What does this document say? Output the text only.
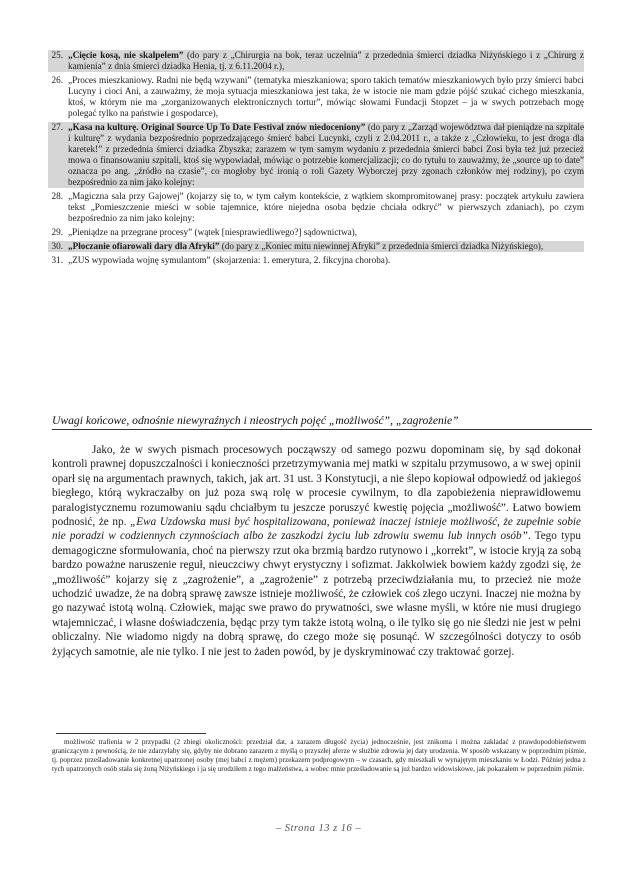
25. „Cięcie kosą, nie skalpelem” (do pary z „Chirurgia na bok, teraz uczelnia” z przedednia śmierci dziadka Niżyńskiego i z „Chirurg z kamienia” z dnia śmierci dziadka Henia, tj. z 6.11.2004 r.),
26. „Proces mieszkaniowy. Radni nie będą wzywani” (tematyka mieszkaniowa; sporo takich tematów mieszkaniowych było przy śmierci babci Lucyny i cioci Ani, a zauważmy, że moja sytuacja mieszkaniowa jest taka, że w istocie nie mam gdzie pójść szukać cichego mieszkania, ktoś, w którym nie ma „zorganizowanych elektronicznych tortur”, mówiąc słowami Fundacji Stopzet – ja w swych potrzebach mogę polegać tylko na państwie i gospodarce),
27. „Kasa na kulturę. Original Source Up To Date Festival znów niedoceniony” (do pary z „Zarząd województwa dał pieniądze na szpitale i kulturę” z wydania bezpośrednio poprzedzającego śmierć babci Lucynki, czyli z 2.04.2011 r., a także z „Człowieku, to jest droga dla karetek!” z przedednia śmierci dziadka Zbyszka; zarazem w tym samym wydaniu z przedednia śmierci babci Zosi była też już przecież mowa o finansowaniu szpitali, ktoś się wypowiadał, mówiąc o potrzebie komercjalizacji; co do tytułu to zauważmy, że „source up to date” oznacza po ang. „źródło na czasie”, co mogłoby być ironią o roli Gazety Wyborczej przy zgonach członków mej rodziny), po czym bezpośrednio za nim jako kolejny:
28. „Magiczna sala przy Gajowej” (kojarzy się to, w tym całym kontekście, z wątkiem skompromitowanej prasy: początek artykułu zawiera tekst „Pomieszczenie mieści w sobie tajemnice, które niejedna osoba będzie chciała odkryć” w pierwszych zdaniach), po czym bezpośrednio za nim jako kolejny:
29. „Pieniądze na przegrane procesy” (wątek [niesprawiedliwego?] sądownictwa),
30. „Płoczanie ofiarowali dary dla Afryki” (do pary z „Koniec mitu niewinnej Afryki” z przedednia śmierci dziadka Niżyńskiego),
31. „ZUS wypowiada wojnę symulantom” (skojarzenia: 1. emerytura, 2. fikcyjna choroba).
Uwagi końcowe, odnośnie niewyraźnych i nieostrych pojęć „możliwość”, „zagrożenie”
Jako, że w swych pismach procesowych począwszy od samego pozwu dopominam się, by sąd dokonał kontroli prawnej dopuszczalności i konieczności przetrzymywania mej matki w szpitalu przymusowo, a w swej opinii oparł się na argumentach prawnych, takich, jak art. 31 ust. 3 Konstytucji, a nie ślepo kopiował odpowiedź od jakiegoś biegłego, którą wykraczałby on już poza swą rolę w procesie cywilnym, to dla zapobieżenia nieprawidłowemu paralogistycznemu rozumowaniu sądu chciałbym tu jeszcze poruszyć kwestię pojęcia „możliwość”. Łatwo bowiem podnosić, że np. „Ewa Uzdowska musi być hospitalizowana, ponieważ inaczej istnieje możliwość, że zupełnie sobie nie poradzi w codziennych czynnościach albo że zaszkodzi życiu lub zdrowiu swemu lub innych osób”. Tego typu demagogiczne sformułowania, choć na pierwszy rzut oka brzmią bardzo rutynowo i „korrekt”, w istocie kryją za sobą bardzo poważne naruszenie reguł, nieuczciwy chwyt erystyczny i sofizmat. Jakkolwiek bowiem każdy zgodzi się, że „możliwość” kojarzy się z „zagrożenie”, a „zagrożenie” z potrzebą przeciwdziałania mu, to przecież nie może uchodzić uwadze, że na dobrą sprawę zawsze istnieje możliwość, że człowiek coś złego uczyni. Inaczej nie można by go nazywać istotą wolną. Człowiek, mając swe prawo do prywatności, swe własne myśli, w które nie musi drugiego wtajemniczać, i własne doświadczenia, będąc przy tym także istotą wolną, o ile tylko się go nie śledzi nie jest w pełni obliczalny. Nie wiadomo nigdy na dobrą sprawę, do czego może się posunąć. W szczególności dotyczy to osób żyjących samotnie, ale nie tylko. I nie jest to żaden powód, by je dyskryminować czy traktować gorzej.
możliwość trafienia w 2 przypadki (2 zbiegi okoliczności: przedział dat, a zarazem długość życia) jednocześnie, jest znikoma i można zakładać z prawdopodobieństwem graniczącym z pewnością, że nie zdarzyłaby się, gdyby nie dobrano zarazem z myślą o przyszłej aferze w służbie zdrowia jej daty urodzenia. W sposób wskazany w poprzednim piśmie, tj. poprzez prześladowanie konkretnej upatrzonej osoby (mej babci z mężem) przekazem podprogowym – w czasach, gdy mieszkali w wynajętym mieszkaniu w Łodzi. Później jedna z tych upatrzonych osób stała się żoną Niżyńskiego i ja się urodziłem z tego małżeństwa, a wobec mnie prześladowanie są już bardzo widowiskowe, jak pokazałem w poprzednim piśmie.
– Strona 13 z 16 –
